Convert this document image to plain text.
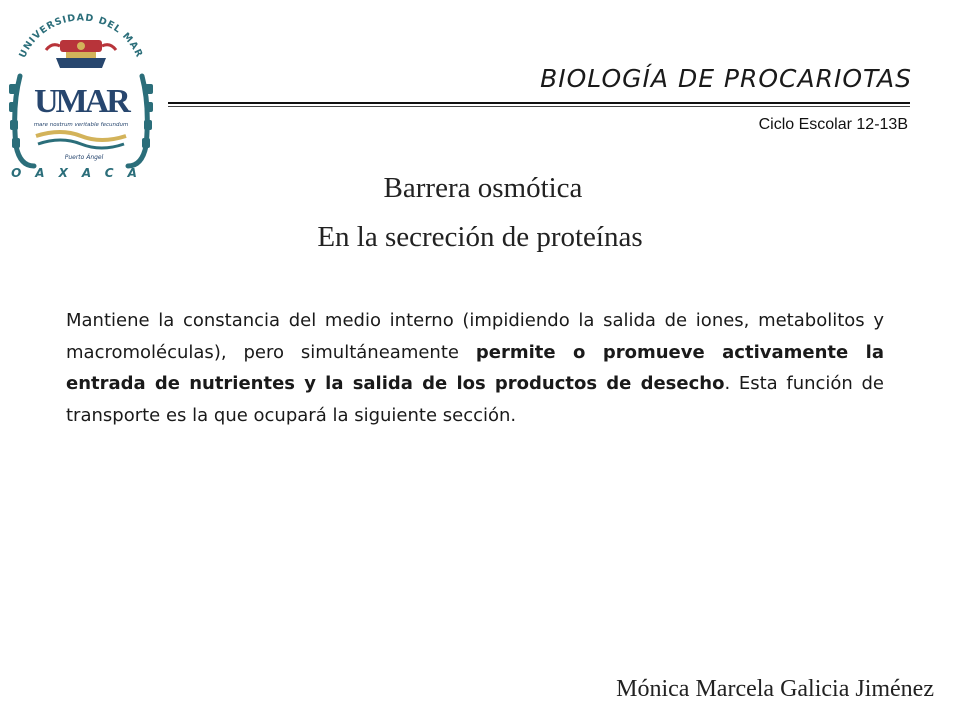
UNIVERSIDAD DEL MAR
UMAR
mare nostrum veritable fecundum
Puerto Ángel
OAXACA
BIOLOGÍA DE PROCARIOTAS
Ciclo Escolar 12-13B
Barrera osmótica
En la secreción de proteínas
Mantiene la constancia del medio interno (impidiendo la salida de iones, metabolitos y macromoléculas), pero simultáneamente permite o promueve activamente la entrada de nutrientes y la salida de los productos de desecho. Esta función de transporte es la que ocupará la siguiente sección.
Mónica Marcela Galicia Jiménez
